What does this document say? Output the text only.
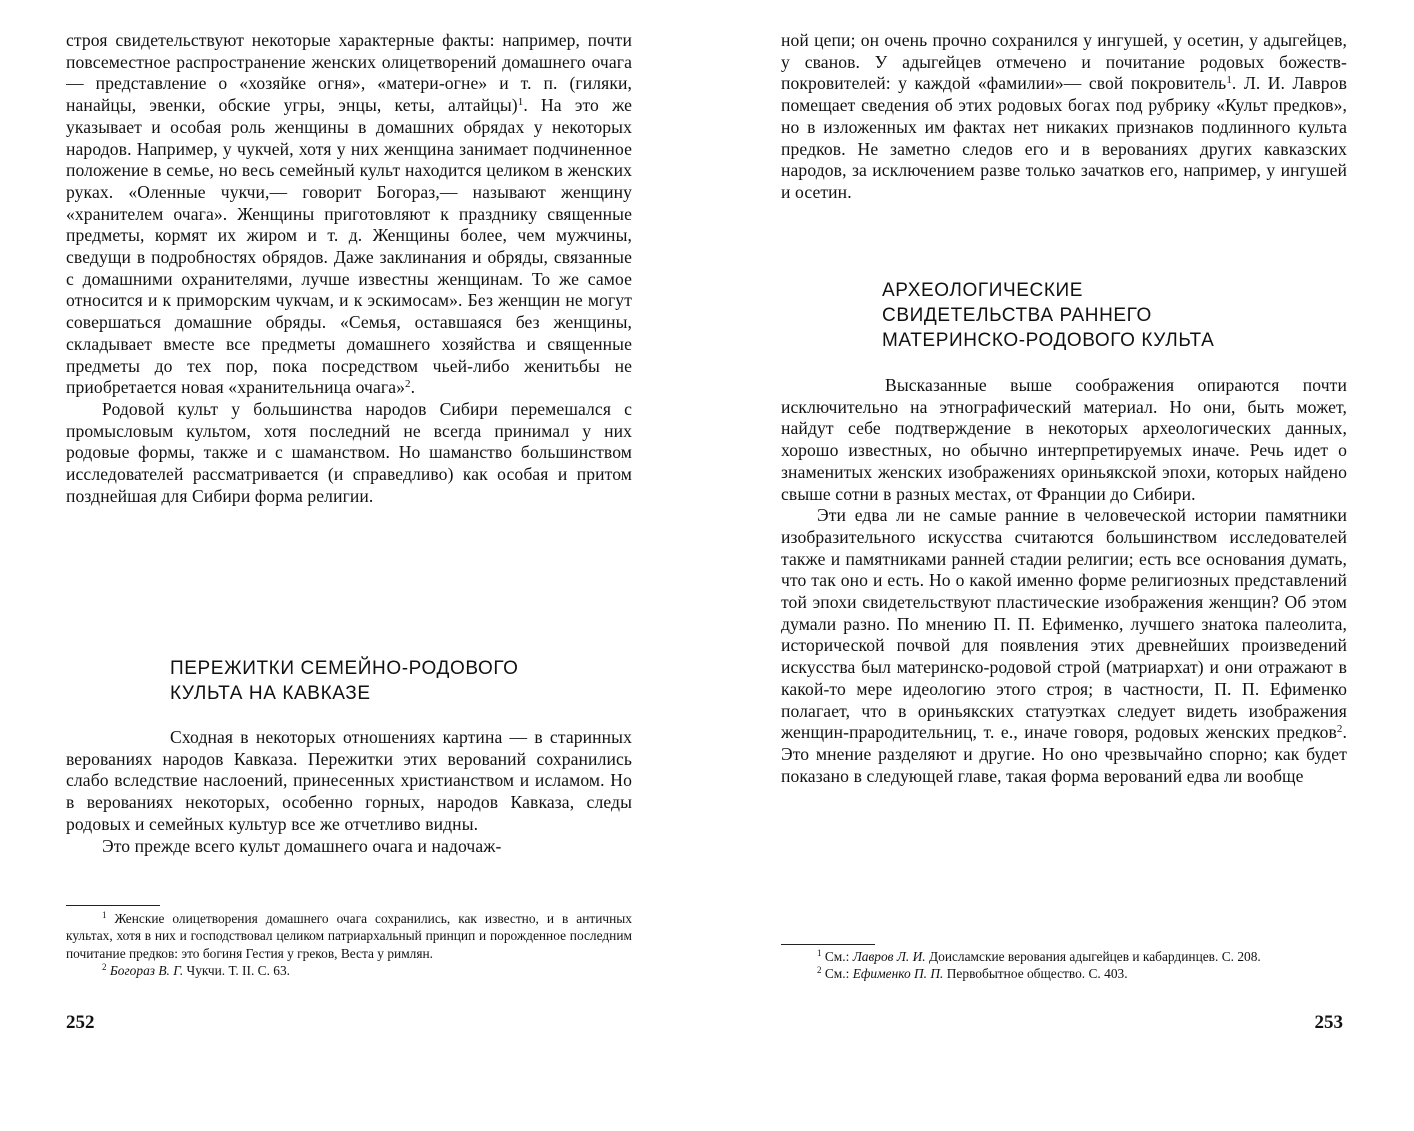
строя свидетельствуют некоторые характерные факты: например, почти повсеместное распространение женских олицетворений домашнего очага — представление о «хозяйке огня», «матери-огне» и т. п. (гиляки, нанайцы, эвенки, обские угры, энцы, кеты, алтайцы)$^1$. На это же указывает и особая роль женщины в домашних обрядах у некоторых народов. Например, у чукчей, хотя у них женщина занимает подчиненное положение в семье, но весь семейный культ находится целиком в женских руках. «Оленные чукчи,— говорит Богораз,— называют женщину «хранителем очага». Женщины приготовляют к празднику священные предметы, кормят их жиром и т. д. Женщины более, чем мужчины, сведущи в подробностях обрядов. Даже заклинания и обряды, связанные с домашними охранителями, лучше известны женщинам. То же самое относится и к приморским чукчам, и к эскимосам». Без женщин не могут совершаться домашние обряды. «Семья, оставшаяся без женщины, складывает вместе все предметы домашнего хозяйства и священные предметы до тех пор, пока посредством чьей-либо женитьбы не приобретается новая «хранительница очага»$^2$.

Родовой культ у большинства народов Сибири перемешался с промысловым культом, хотя последний не всегда принимал у них родовые формы, также и с шаманством. Но шаманство большинством исследователей рассматривается (и справедливо) как особая и притом позднейшая для Сибири форма религии.

ПЕРЕЖИТКИ СЕМЕЙНО-РОДОВОГО
КУЛЬТА НА КАВКАЗЕ

Сходная в некоторых отношениях картина — в старинных верованиях народов Кавказа. Пережитки этих верований сохранились слабо вследствие наслоений, принесенных христианством и исламом. Но в верованиях некоторых, особенно горных, народов Кавказа, следы родовых и семейных культур все же отчетливо видны.

Это прежде всего культ домашнего очага и надочаж-

$^1$ Женские олицетворения домашнего очага сохранились, как известно, и в античных культах, хотя в них и господствовал целиком патриархальный принцип и порожденное последним почитание предков: это богиня Гестия у греков, Веста у римлян.

$^2$ Богораз В. Г. Чукчи. Т. II. С. 63.

252

ной цепи; он очень прочно сохранился у ингушей, у осетин, у адыгейцев, у сванов. У адыгейцев отмечено и почитание родовых божеств-покровителей: у каждой «фамилии»— свой покровитель$^1$. Л. И. Лавров помещает сведения об этих родовых богах под рубрику «Культ предков», но в изложенных им фактах нет никаких признаков подлинного культа предков. Не заметно следов его и в верованиях других кавказских народов, за исключением разве только зачатков его, например, у ингушей и осетин.

АРХЕОЛОГИЧЕСКИЕ
СВИДЕТЕЛЬСТВА РАННЕГО
МАТЕРИНСКО-РОДОВОГО КУЛЬТА

Высказанные выше соображения опираются почти исключительно на этнографический материал. Но они, быть может, найдут себе подтверждение в некоторых археологических данных, хорошо известных, но обычно интерпретируемых иначе. Речь идет о знаменитых женских изображениях ориньякской эпохи, которых найдено свыше сотни в разных местах, от Франции до Сибири.

Эти едва ли не самые ранние в человеческой истории памятники изобразительного искусства считаются большинством исследователей также и памятниками ранней стадии религии; есть все основания думать, что так оно и есть. Но о какой именно форме религиозных представлений той эпохи свидетельствуют пластические изображения женщин? Об этом думали разно. По мнению П. П. Ефименко, лучшего знатока палеолита, исторической почвой для появления этих древнейших произведений искусства был материнско-родовой строй (матриархат) и они отражают в какой-то мере идеологию этого строя; в частности, П. П. Ефименко полагает, что в ориньякских статуэтках следует видеть изображения женщин-прародительниц, т. е., иначе говоря, родовых женских предков$^2$. Это мнение разделяют и другие. Но оно чрезвычайно спорно; как будет показано в следующей главе, такая форма верований едва ли вообще

$^1$ См.: Лавров Л. И. Доисламские верования адыгейцев и кабардинцев. С. 208.

$^2$ См.: Ефименко П. П. Первобытное общество. С. 403.

253
